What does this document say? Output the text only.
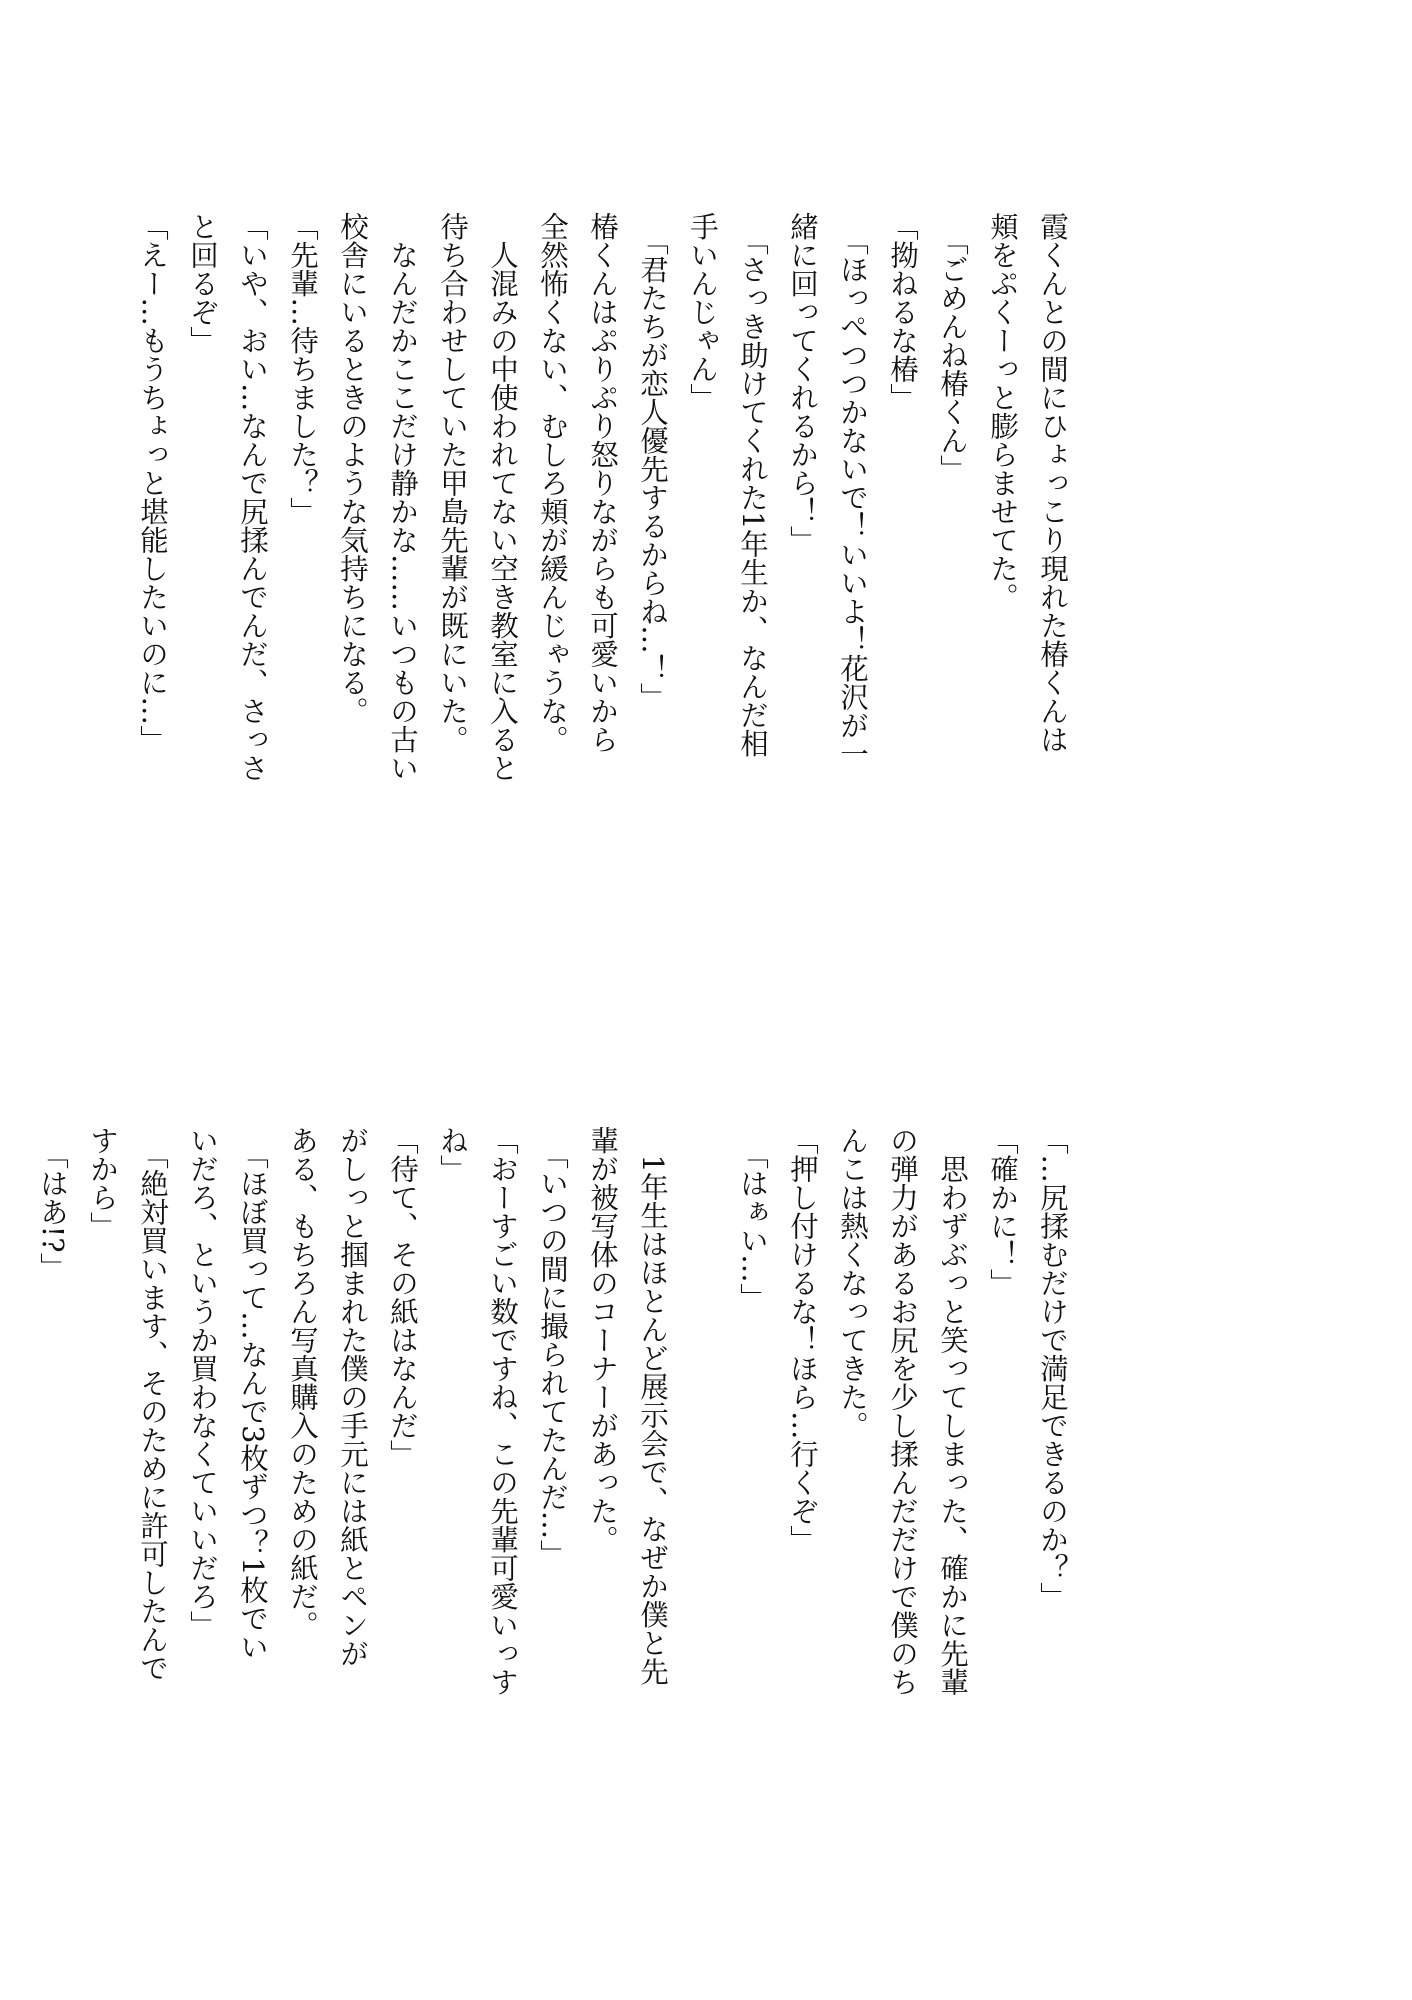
霞くんとの間にひょっこり現れた椿くんは
頬をぷくーっと膨らませてた。
　「ごめんね椿くん」
「拗ねるな椿」
　「ほっぺつつかないで！いいよ！花沢が一
緒に回ってくれるから！」
　「さっき助けてくれた1年生か、なんだ相
手いんじゃん」
　「君たちが恋人優先するからね…！」
椿くんはぷりぷり怒りながらも可愛いから
全然怖くない、むしろ頬が緩んじゃうな。
　人混みの中使われてない空き教室に入ると
待ち合わせしていた甲島先輩が既にいた。
　なんだかここだけ静かな……いつもの古い
校舎にいるときのような気持ちになる。
「先輩…待ちました？」
「いや、おい…なんで尻揉んでんだ、さっさ
と回るぞ」
「えー…もうちょっと堪能したいのに…」
「…尻揉むだけで満足できるのか？」
「確かに！」
　思わずぶっと笑ってしまった、確かに先輩
の弾力があるお尻を少し揉んだだけで僕のち
んこは熱くなってきた。
「押し付けるな！ほら…行くぞ」
　「はぁい…」

　1年生はほとんど展示会で、なぜか僕と先
輩が被写体のコーナーがあった。
　「いつの間に撮られてたんだ…」
「おーすごい数ですね、この先輩可愛いっす
ね」
「待て、その紙はなんだ」
がしっと掴まれた僕の手元には紙とペンが
ある、もちろん写真購入のための紙だ。
　「ほぼ買って…なんで3枚ずつ？1枚でい
いだろ、というか買わなくていいだろ」
　「絶対買います、そのために許可したんで
すから」
　「はあ!?」
